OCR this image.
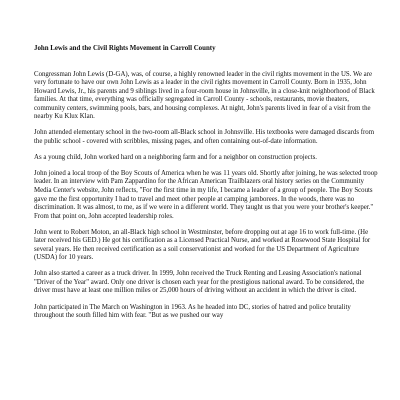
John Lewis and the Civil Rights Movement in Carroll County

Congressman John Lewis (D-GA), was, of course, a highly renowned leader in the civil rights movement in the US. We are very fortunate to have our own John Lewis as a leader in the civil rights movement in Carroll County. Born in 1935, John Howard Lewis, Jr., his parents and 9 siblings lived in a four-room house in Johnsville, in a close-knit neighborhood of Black families. At that time, everything was officially segregated in Carroll County - schools, restaurants, movie theaters, community centers, swimming pools, bars, and housing complexes. At night, John's parents lived in fear of a visit from the nearby Ku Klux Klan.

John attended elementary school in the two-room all-Black school in Johnsville. His textbooks were damaged discards from the public school - covered with scribbles, missing pages, and often containing out-of-date information.

As a young child, John worked hard on a neighboring farm and for a neighbor on construction projects.

John joined a local troop of the Boy Scouts of America when he was 11 years old. Shortly after joining, he was selected troop leader. In an interview with Pam Zappardino for the African American Trailblazers oral history series on the Community Media Center's website, John reflects, "For the first time in my life, I became a leader of a group of people. The Boy Scouts gave me the first opportunity I had to travel and meet other people at camping jamborees. In the woods, there was no discrimination. It was almost, to me, as if we were in a different world. They taught us that you were your brother's keeper." From that point on, John accepted leadership roles.

John went to Robert Moton, an all-Black high school in Westminster, before dropping out at age 16 to work full-time. (He later received his GED.) He got his certification as a Licensed Practical Nurse, and worked at Rosewood State Hospital for several years. He then received certification as a soil conservationist and worked for the US Department of Agriculture (USDA) for 10 years.

John also started a career as a truck driver. In 1999, John received the Truck Renting and Leasing Association's national "Driver of the Year" award. Only one driver is chosen each year for the prestigious national award. To be considered, the driver must have at least one million miles or 25,000 hours of driving without an accident in which the driver is cited.

John participated in The March on Washington in 1963. As he headed into DC, stories of hatred and police brutality throughout the south filled him with fear. "But as we pushed our way
